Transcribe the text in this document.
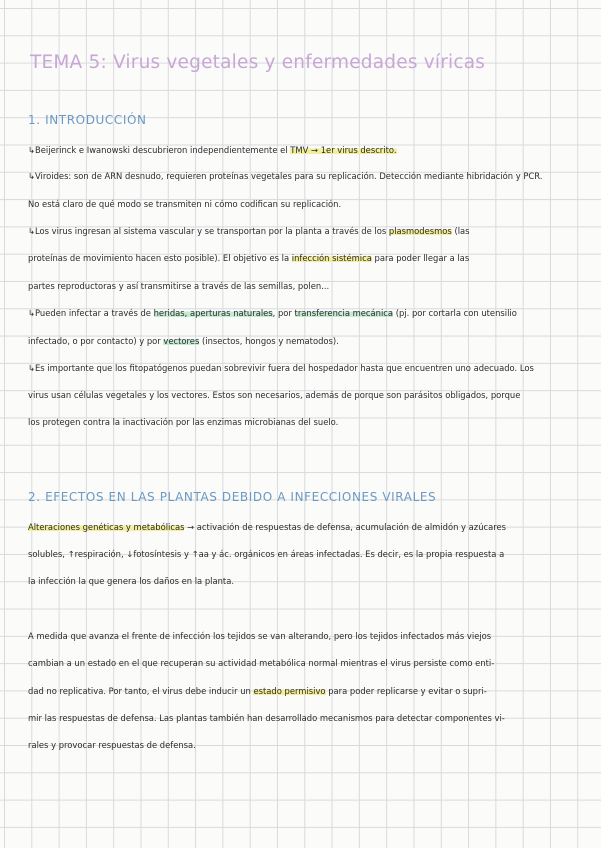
TEMA 5: Virus vegetales y enfermedades víricas
1. INTRODUCCIÓN
↳Beijerinck e Iwanowski descubrieron independientemente el TMV → 1er virus descrito.
↳Viroides: son de ARN desnudo, requieren proteínas vegetales para su replicación. Detección mediante hibridación y PCR.
No está claro de qué modo se transmiten ni cómo codifican su replicación.
↳Los virus ingresan al sistema vascular y se transportan por la planta a través de los plasmodesmos (las
proteínas de movimiento hacen esto posible). El objetivo es la infección sistémica para poder llegar a las
partes reproductoras y así transmitirse a través de las semillas, polen...
↳Pueden infectar a través de heridas, aperturas naturales, por transferencia mecánica (pj. por cortarla con utensilio
infectado, o por contacto) y por vectores (insectos, hongos y nematodos).
↳Es importante que los fitopatógenos puedan sobrevivir fuera del hospedador hasta que encuentren uno adecuado. Los
virus usan células vegetales y los vectores. Estos son necesarios, además de porque son parásitos obligados, porque
los protegen contra la inactivación por las enzimas microbianas del suelo.
2. EFECTOS EN LAS PLANTAS DEBIDO A INFECCIONES VIRALES
Alteraciones genéticas y metabólicas → activación de respuestas de defensa, acumulación de almidón y azúcares
solubles, ↑respiración, ↓fotosíntesis y ↑aa y ác. orgánicos en áreas infectadas. Es decir, es la propia respuesta a
la infección la que genera los daños en la planta.
A medida que avanza el frente de infección los tejidos se van alterando, pero los tejidos infectados más viejos
cambian a un estado en el que recuperan su actividad metabólica normal mientras el virus persiste como enti-
dad no replicativa. Por tanto, el virus debe inducir un estado permisivo para poder replicarse y evitar o supri-
mir las respuestas de defensa. Las plantas también han desarrollado mecanismos para detectar componentes vi-
rales y provocar respuestas de defensa.
